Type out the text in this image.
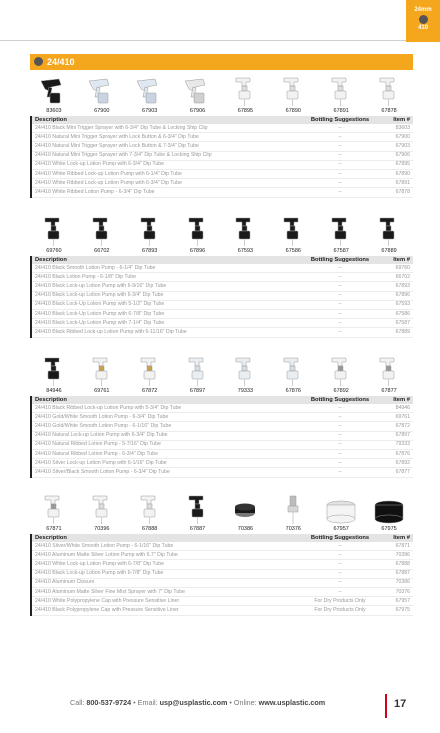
24mm
410
24/410
83603	67900	67903	67906	67895	67890	67891	67878
Description	Bottling Suggestions	Item #
24/410 Black Mini Trigger Sprayer with 6-3/4" Dip Tube & Locking Ship Clip	–	83603
24/410 Natural Mini Trigger Sprayer with Lock Button & 6-3/4" Dip Tube	–	67900
24/410 Natural Mini Trigger Sprayer with Lock Button & 7-3/4" Dip Tube	–	67903
24/410 Natural Mini Trigger Sprayer with 7-3/4" Dip Tube & Locking Ship Clip	–	67906
24/410 White Lock-up Lotion Pump with 6-3/4" Dip Tube	–	67895
24/410 White Ribbed Lock-up Lotion Pump with 6-1/4" Dip Tube	–	67890
24/410 White Ribbed Lock-up Lotion Pump with 6-3/4" Dip Tube	–	67891
24/410 White Ribbed Lotion Pump - 6-3/4" Dip Tube	–	67878
69760	66702	67893	67896	67593	67586	67587	67889
Description	Bottling Suggestions	Item #
24/410 Black Smooth Lotion Pump - 6-1/4" Dip Tube	–	69760
24/410 Black Lotion Pump - 6-1/8" Dip Tube	–	66702
24/410 Black Lock-up Lotion Pump with 6-9/16" Dip Tube	–	67893
24/410 Black Lock-up Lotion Pump with 6-3/4" Dip Tube	–	67896
24/410 Black Lock-Up Lotion Pump with 5-1/2" Dip Tube	–	67593
24/410 Black Lock-Up Lotion Pump with 6-7/8" Dip Tube	–	67586
24/410 Black Lock-Up Lotion Pump with 7-1/4" Dip Tube	–	67587
24/410 Black Ribbed Lock-up Lotion Pump with 6-11/16" Dip Tube	–	67889
84946	69761	67872	67897	79333	67876	67892	67877
Description	Bottling Suggestions	Item #
24/410 Black Ribbed Lock-up Lotion Pump with 5-3/4" Dip Tube	–	84946
24/410 Gold/White Smooth Lotion Pump - 6-3/4" Dip Tube	–	69761
24/410 Gold/White Smooth Lotion Pump - 6-1/16" Dip Tube	–	67872
24/410 Natural Lock-up Lotion Pump with 6-3/4" Dip Tube	–	67897
24/410 Natural Ribbed Lotion Pump - 5-7/16" Dip Tube	–	79333
24/410 Natural Ribbed Lotion Pump - 6-3/4" Dip Tube	–	67876
24/410 Silver Lock-up Lotion Pump with 6-1/16" Dip Tube	–	67892
24/410 Silver/Black Smooth Lotion Pump - 6-3/4" Dip Tube	–	67877
67871	70396	67888	67887	70386	70376	67957	67975
Description	Bottling Suggestions	Item #
24/410 Silver/White Smooth Lotion Pump - 6-1/16" Dip Tube	–	67871
24/410 Aluminum Matte Silver Lotion Pump with 6.7" Dip Tube	–	70396
24/410 White Lock-up Lotion Pump with 6-7/8" Dip Tube	–	67888
24/410 Black Lock-up Lotion Pump with 6-7/8" Dip Tube	–	67887
24/410 Aluminum Closure	–	70386
24/410 Aluminum Matte Silver Fine Mist Sprayer with 7" Dip Tube	–	70376
24/410 White Polypropylene Cap with Pressure Sensitive Liner	For Dry Products Only	67957
24/410 Black Polypropylene Cap with Pressure Sensitive Liner	For Dry Products Only	67975
Call: 800-537-9724 • Email: usp@usplastic.com • Online: www.usplastic.com	17
